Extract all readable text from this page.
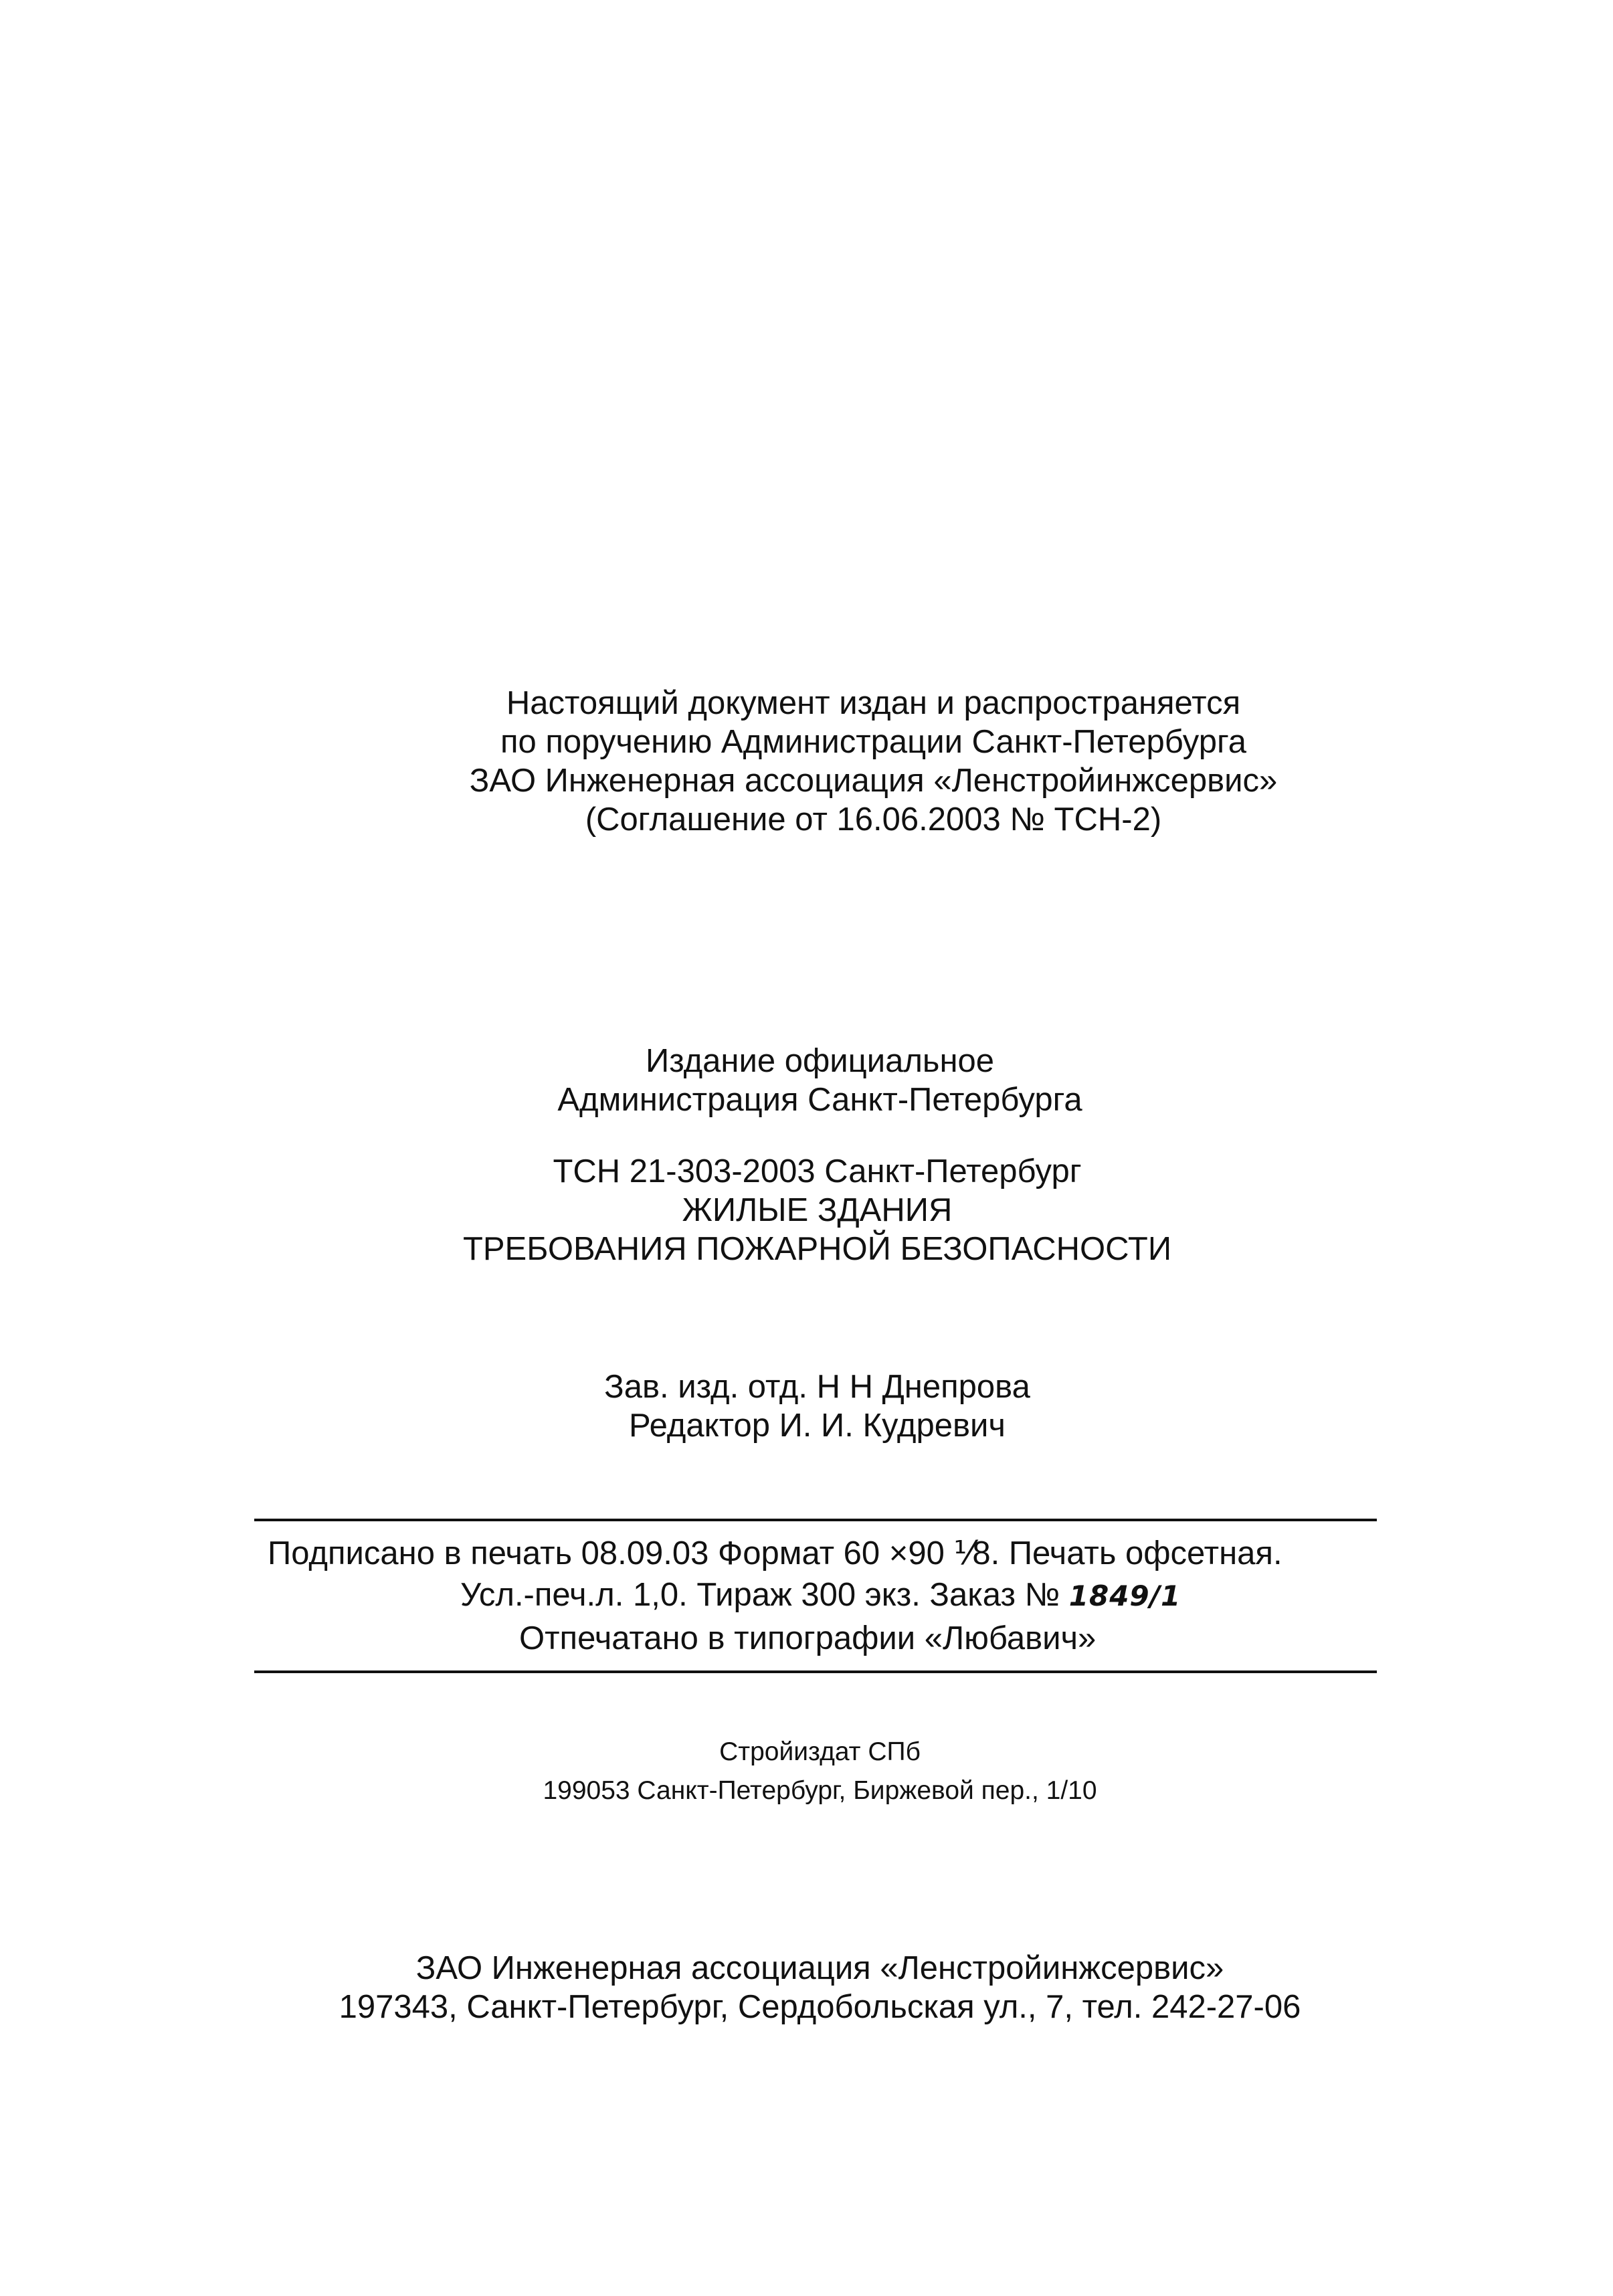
Настоящий документ издан и распространяется
по поручению Администрации Санкт-Петербурга
ЗАО Инженерная ассоциация «Ленстройинжсервис»
(Соглашение от 16.06.2003 № ТСН-2)
Издание официальное
Администрация Санкт-Петербурга
ТСН 21-303-2003 Санкт-Петербург
ЖИЛЫЕ ЗДАНИЯ
ТРЕБОВАНИЯ ПОЖАРНОЙ БЕЗОПАСНОСТИ
Зав. изд. отд. Н Н Днепрова
Редактор И. И. Кудревич
Подписано в печать 08.09.03 Формат 60 ×90 ⅟8. Печать офсетная.
Усл.-печ.л. 1,0. Тираж 300 экз. Заказ № 1849/1
Отпечатано в типографии «Любавич»
Стройиздат СПб
199053 Санкт-Петербург, Биржевой пер., 1/10
ЗАО Инженерная ассоциация «Ленстройинжсервис»
197343, Санкт-Петербург, Сердобольская ул., 7, тел. 242-27-06
